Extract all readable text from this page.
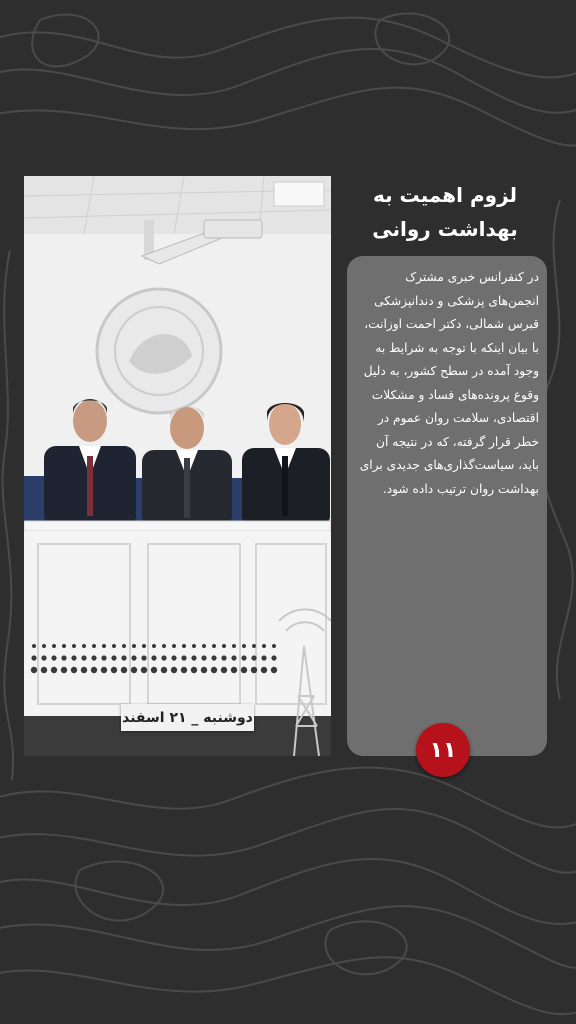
دوشنبه _ ۲۱ اسفند
لزوم اهمیت به
بهداشت روانی
در کنفرانس خبری مشترک انجمن‌های پزشکی و دندانپزشکی قبرس شمالی، دکتر احمت اوزانت، با بیان اینکه با توجه به شرایط به وجود آمده در سطح کشور، به دلیل وقوع پرونده‌های فساد و مشکلات اقتصادی، سلامت روان عموم در خطر قرار گرفته، که در نتیجه آن باید، سیاست‌گذاری‌های جدیدی برای بهداشت روان ترتیب داده شود.
۱۱
